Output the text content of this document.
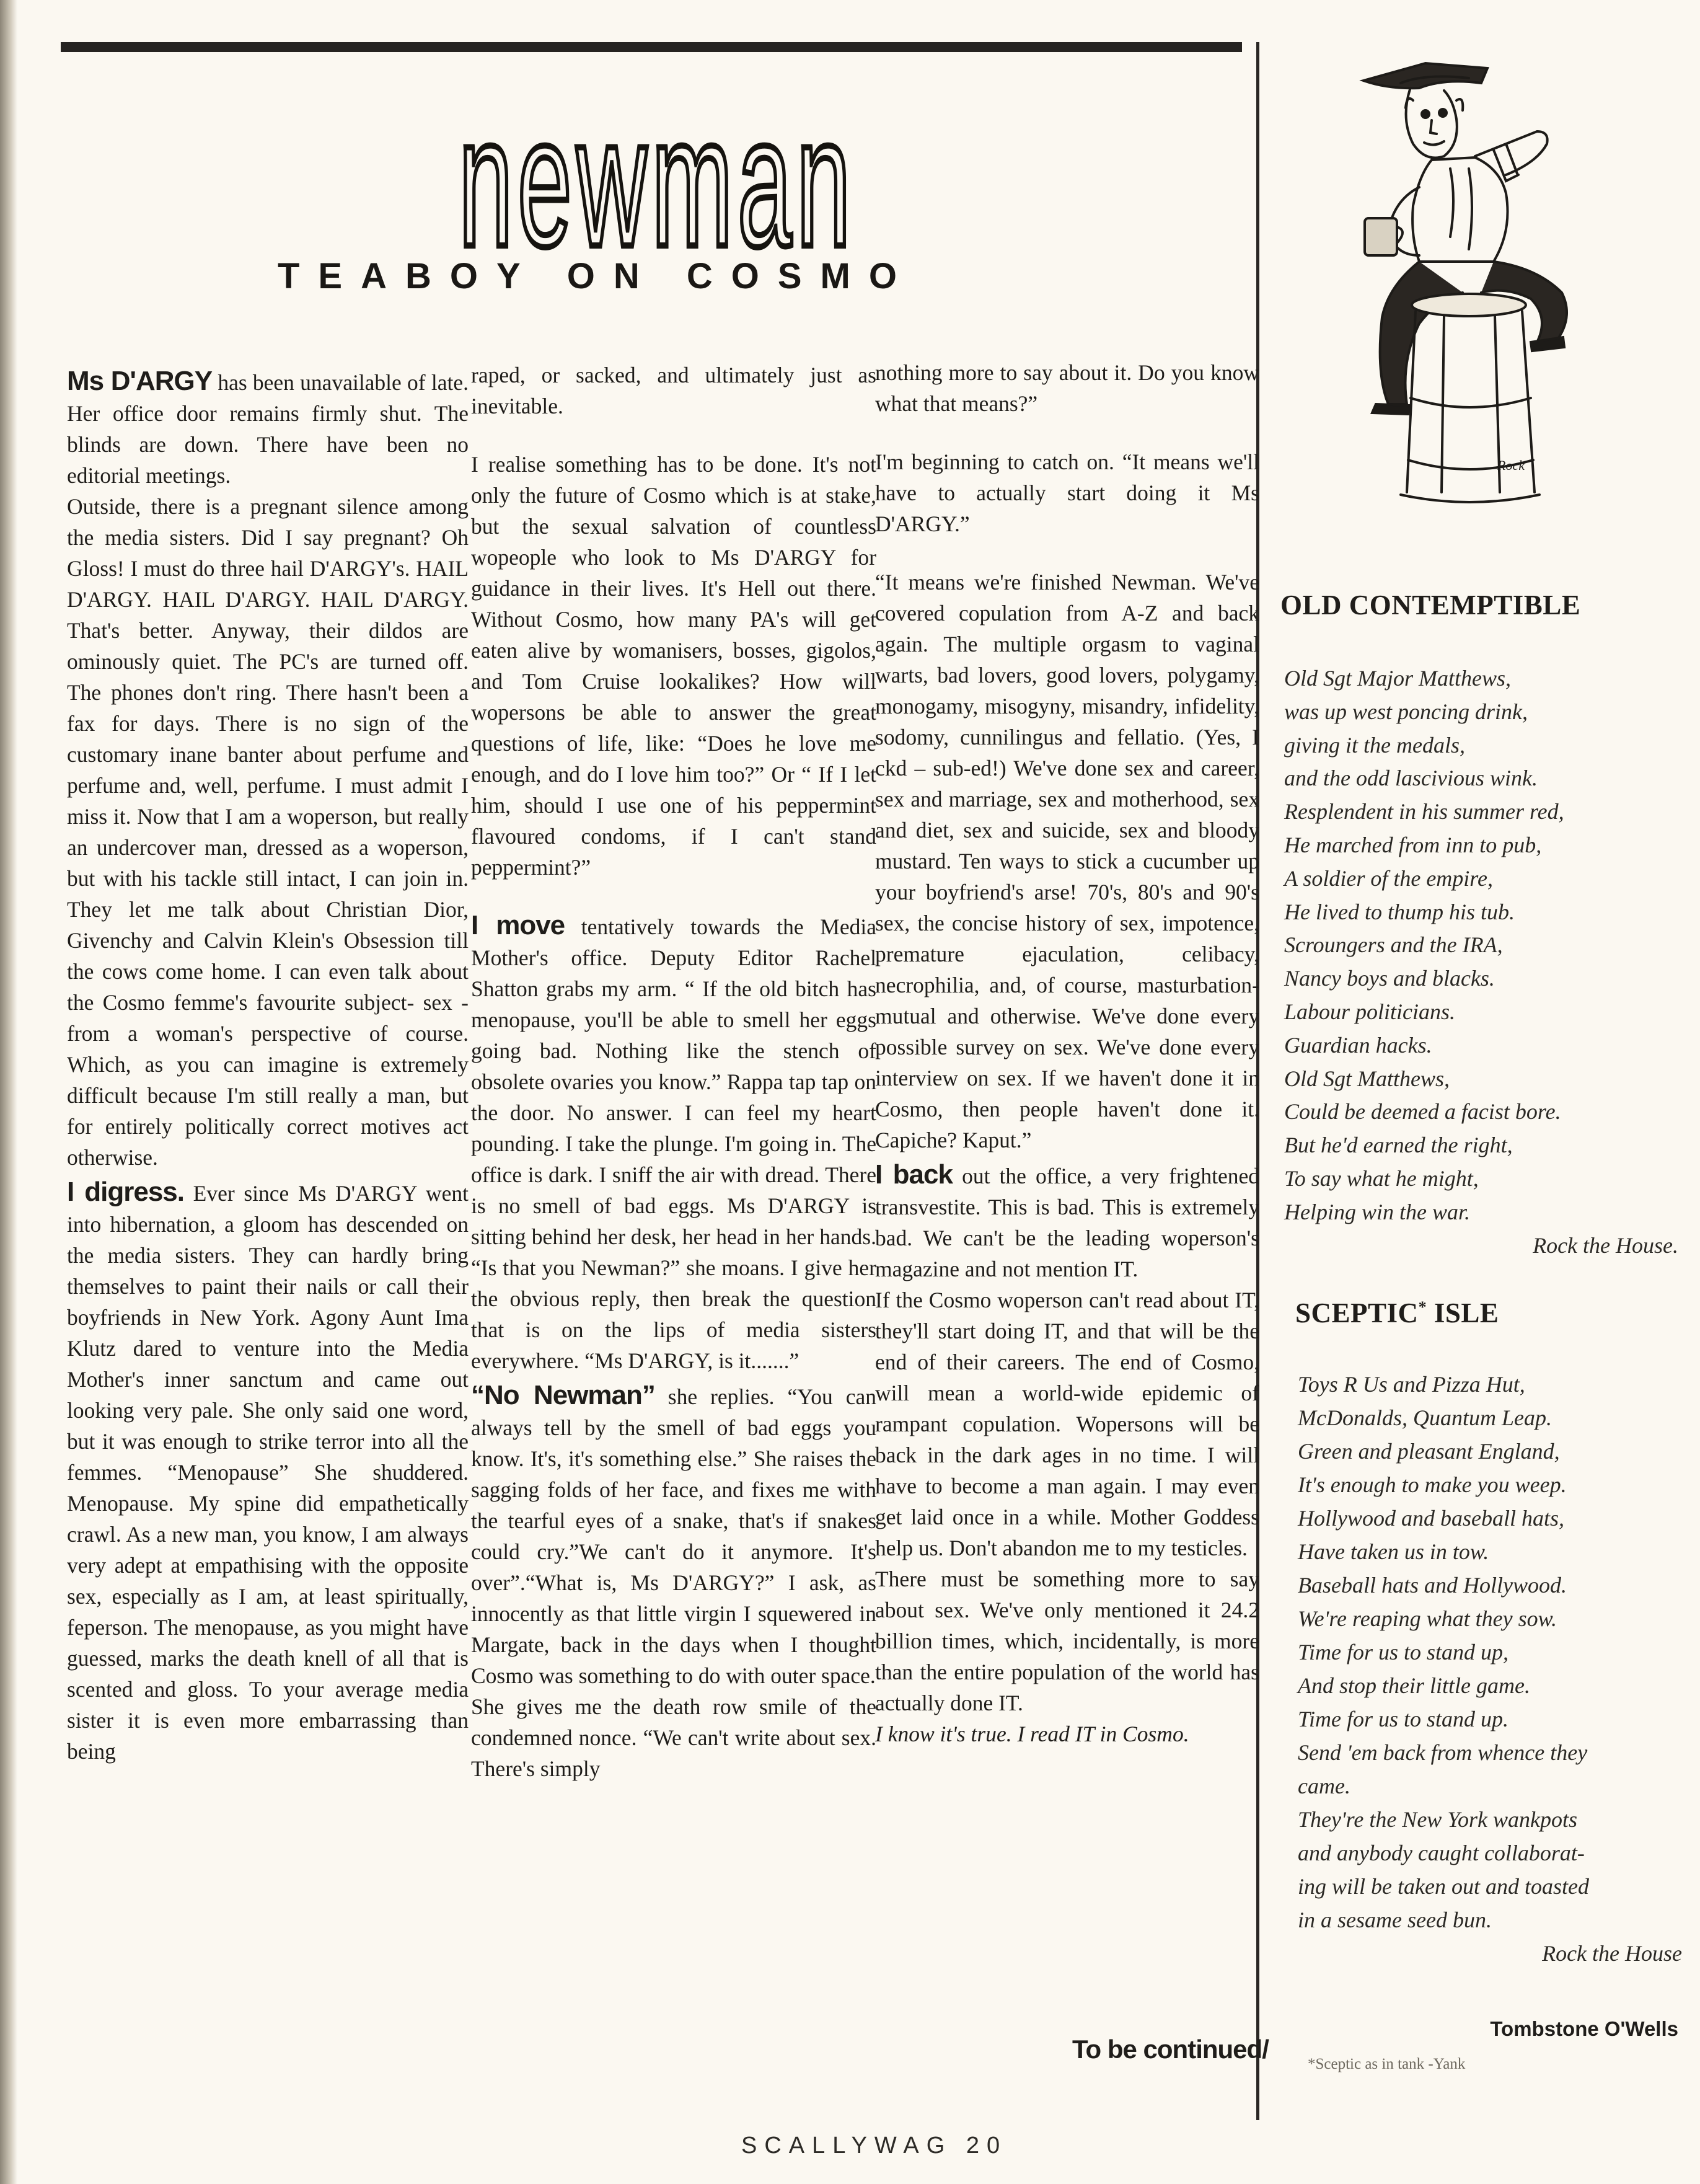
newman
TEABOY ON COSMO

Ms D'ARGY has been unavailable of late. Her office door remains firmly shut. The blinds are down. There have been no editorial meetings.

Outside, there is a pregnant silence among the media sisters. Did I say pregnant? Oh Gloss! I must do three hail D'ARGY's. HAIL D'ARGY. HAIL D'ARGY. HAIL D'ARGY. That's better. Anyway, their dildos are ominously quiet. The PC's are turned off. The phones don't ring. There hasn't been a fax for days. There is no sign of the customary inane banter about perfume and perfume and, well, perfume. I must admit I miss it. Now that I am a woperson, but really an undercover man, dressed as a woperson, but with his tackle still intact, I can join in. They let me talk about Christian Dior, Givenchy and Calvin Klein's Obsession till the cows come home. I can even talk about the Cosmo femme's favourite subject- sex - from a woman's perspective of course. Which, as you can imagine is extremely difficult because I'm still really a man, but for entirely politically correct motives act otherwise.

I digress. Ever since Ms D'ARGY went into hibernation, a gloom has descended on the media sisters. They can hardly bring themselves to paint their nails or call their boyfriends in New York. Agony Aunt Ima Klutz dared to venture into the Media Mother's inner sanctum and came out looking very pale. She only said one word, but it was enough to strike terror into all the femmes. “Menopause” She shuddered. Menopause. My spine did empathetically crawl. As a new man, you know, I am always very adept at empathising with the opposite sex, especially as I am, at least spiritually, feperson. The menopause, as you might have guessed, marks the death knell of all that is scented and gloss. To your average media sister it is even more embarrassing than being

raped, or sacked, and ultimately just as inevitable.

I realise something has to be done. It's not only the future of Cosmo which is at stake, but the sexual salvation of countless wopeople who look to Ms D'ARGY for guidance in their lives. It's Hell out there. Without Cosmo, how many PA's will get eaten alive by womanisers, bosses, gigolos, and Tom Cruise lookalikes? How will wopersons be able to answer the great questions of life, like: “Does he love me enough, and do I love him too?” Or “ If I let him, should I use one of his peppermint flavoured condoms, if I can't stand peppermint?”

I move tentatively towards the Media Mother's office. Deputy Editor Rachel Shatton grabs my arm. “ If the old bitch has menopause, you'll be able to smell her eggs going bad. Nothing like the stench of obsolete ovaries you know.” Rappa tap tap on the door. No answer. I can feel my heart pounding. I take the plunge. I'm going in. The office is dark. I sniff the air with dread. There is no smell of bad eggs. Ms D'ARGY is sitting behind her desk, her head in her hands. “Is that you Newman?” she moans. I give her the obvious reply, then break the question that is on the lips of media sisters everywhere. “Ms D'ARGY, is it.......”

“No Newman” she replies. “You can always tell by the smell of bad eggs you know. It's, it's something else.” She raises the sagging folds of her face, and fixes me with the tearful eyes of a snake, that's if snakes could cry.”We can't do it anymore. It's over”.“What is, Ms D'ARGY?” I ask, as innocently as that little virgin I squewered in Margate, back in the days when I thought Cosmo was something to do with outer space.

She gives me the death row smile of the condemned nonce. “We can't write about sex. There's simply

nothing more to say about it. Do you know what that means?”

I'm beginning to catch on. “It means we'll have to actually start doing it Ms D'ARGY.”

“It means we're finished Newman. We've covered copulation from A-Z and back again. The multiple orgasm to vaginal warts, bad lovers, good lovers, polygamy, monogamy, misogyny, misandry, infidelity, sodomy, cunnilingus and fellatio. (Yes, I ckd – sub-ed!) We've done sex and career, sex and marriage, sex and motherhood, sex and diet, sex and suicide, sex and bloody mustard. Ten ways to stick a cucumber up your boyfriend's arse! 70's, 80's and 90's sex, the concise history of sex, impotence, premature ejaculation, celibacy, necrophilia, and, of course, masturbation- mutual and otherwise. We've done every possible survey on sex. We've done every interview on sex. If we haven't done it in Cosmo, then people haven't done it. Capiche? Kaput.”

I back out the office, a very frightened transvestite. This is bad. This is extremely bad. We can't be the leading woperson's magazine and not mention IT.

If the Cosmo woperson can't read about IT, they'll start doing IT, and that will be the end of their careers. The end of Cosmo, will mean a world-wide epidemic of rampant copulation. Wopersons will be back in the dark ages in no time. I will have to become a man again. I may even get laid once in a while. Mother Goddess help us. Don't abandon me to my testicles.

There must be something more to say about sex. We've only mentioned it 24.2 billion times, which, incidentally, is more than the entire population of the world has actually done IT.

I know it's true. I read IT in Cosmo.

To be continued/
Rock
OLD CONTEMPTIBLE
Old Sgt Major Matthews,
was up west poncing drink,
giving it the medals,
and the odd lascivious wink.
Resplendent in his summer red,
He marched from inn to pub,
A soldier of the empire,
He lived to thump his tub.
Scroungers and the IRA,
Nancy boys and blacks.
Labour politicians.
Guardian hacks.
Old Sgt Matthews,
Could be deemed a facist bore.
But he'd earned the right,
To say what he might,
Helping win the war.
Rock the House.
SCEPTIC* ISLE
Toys R Us and Pizza Hut,
McDonalds, Quantum Leap.
Green and pleasant England,
It's enough to make you weep.
Hollywood and baseball hats,
Have taken us in tow.
Baseball hats and Hollywood.
We're reaping what they sow.
Time for us to stand up,
And stop their little game.
Time for us to stand up.
Send 'em back from whence they
came.
They're the New York wankpots
and anybody caught collaborat-
ing will be taken out and toasted
in a sesame seed bun.
Rock the House
Tombstone O'Wells
*Sceptic as in tank -Yank
SCALLYWAG 20
